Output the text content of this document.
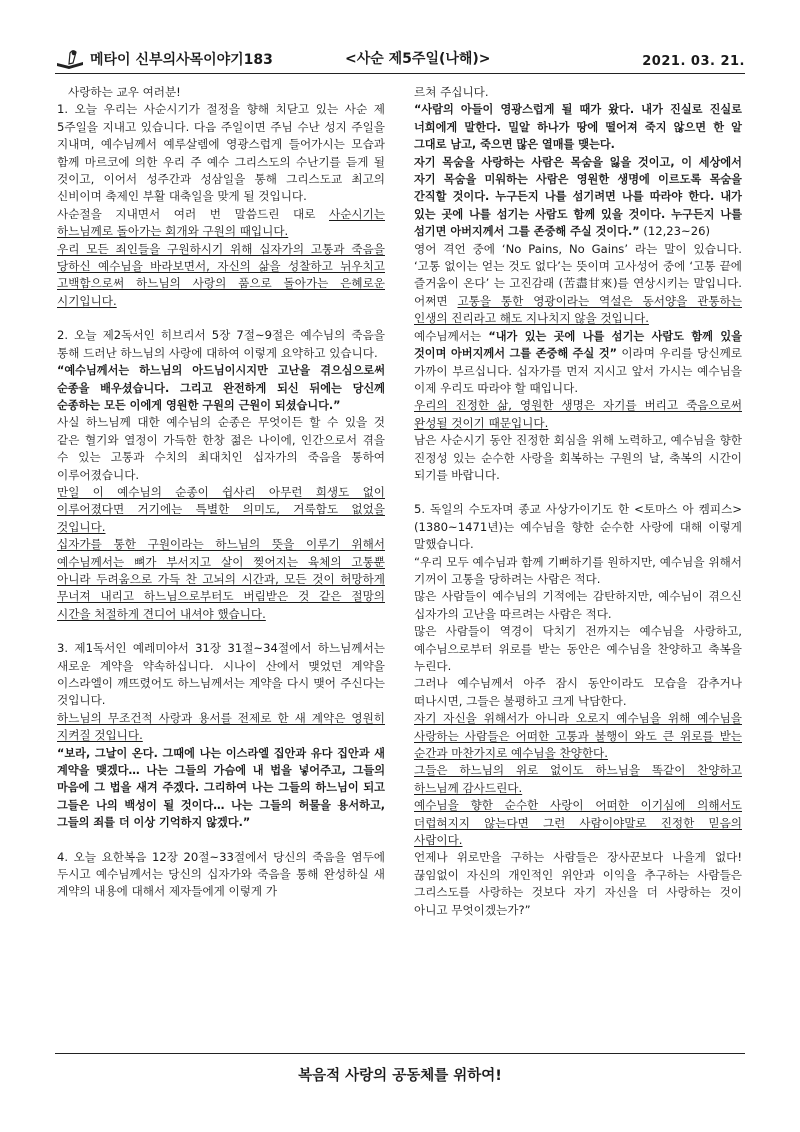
메타이 신부의사목이야기183	<사순 제5주일(나해)>	2021. 03. 21.

사랑하는 교우 여러분!

1. 오늘 우리는 사순시기가 절정을 향해 치닫고 있는 사순 제 5주일을 지내고 있습니다. 다음 주일이면 주님 수난 성지 주일을 지내며, 예수님께서 예루살렘에 영광스럽게 들어가시는 모습과 함께 마르코에 의한 우리 주 예수 그리스도의 수난기를 듣게 될 것이고, 이어서 성주간과 성삼일을 통해 그리스도교 최고의 신비이며 축제인 부활 대축일을 맞게 될 것입니다.

사순절을 지내면서 여러 번 말씀드린 대로 사순시기는 하느님께로 돌아가는 회개와 구원의 때입니다.

우리 모든 죄인들을 구원하시기 위해 십자가의 고통과 죽음을 당하신 예수님을 바라보면서, 자신의 삶을 성찰하고 뉘우치고 고백함으로써 하느님의 사랑의 품으로 돌아가는 은혜로운 시기입니다.

2. 오늘 제2독서인 히브리서 5장 7절~9절은 예수님의 죽음을 통해 드러난 하느님의 사랑에 대하여 이렇게 요약하고 있습니다.

“예수님께서는 하느님의 아드님이시지만 고난을 겪으심으로써 순종을 배우셨습니다. 그리고 완전하게 되신 뒤에는 당신께 순종하는 모든 이에게 영원한 구원의 근원이 되셨습니다.”

사실 하느님께 대한 예수님의 순종은 무엇이든 할 수 있을 것 같은 혈기와 열정이 가득한 한창 젊은 나이에, 인간으로서 겪을 수 있는 고통과 수치의 최대치인 십자가의 죽음을 통하여 이루어졌습니다.

만일 이 예수님의 순종이 쉽사리 아무런 희생도 없이 이루어졌다면 거기에는 특별한 의미도, 거룩함도 없었을 것입니다.

십자가를 통한 구원이라는 하느님의 뜻을 이루기 위해서 예수님께서는 뼈가 부서지고 살이 찢어지는 육체의 고통뿐 아니라 두려움으로 가득 찬 고뇌의 시간과, 모든 것이 허망하게 무너져 내리고 하느님으로부터도 버림받은 것 같은 절망의 시간을 처절하게 견디어 내셔야 했습니다.

3. 제1독서인 예레미야서 31장 31절~34절에서 하느님께서는 새로운 계약을 약속하십니다. 시나이 산에서 맺었던 계약을 이스라엘이 깨뜨렸어도 하느님께서는 계약을 다시 맺어 주신다는 것입니다.

하느님의 무조건적 사랑과 용서를 전제로 한 새 계약은 영원히 지켜질 것입니다.

“보라, 그날이 온다. 그때에 나는 이스라엘 집안과 유다 집안과 새 계약을 맺겠다… 나는 그들의 가슴에 내 법을 넣어주고, 그들의 마음에 그 법을 새겨 주겠다. 그리하여 나는 그들의 하느님이 되고 그들은 나의 백성이 될 것이다… 나는 그들의 허물을 용서하고, 그들의 죄를 더 이상 기억하지 않겠다.”

4. 오늘 요한복음 12장 20절~33절에서 당신의 죽음을 염두에 두시고 예수님께서는 당신의 십자가와 죽음을 통해 완성하실 새 계약의 내용에 대해서 제자들에게 이렇게 가

르쳐 주십니다.

“사람의 아들이 영광스럽게 될 때가 왔다. 내가 진실로 진실로 너희에게 말한다. 밀알 하나가 땅에 떨어져 죽지 않으면 한 알 그대로 남고, 죽으면 많은 열매를 맺는다.

자기 목숨을 사랑하는 사람은 목숨을 잃을 것이고, 이 세상에서 자기 목숨을 미워하는 사람은 영원한 생명에 이르도록 목숨을 간직할 것이다. 누구든지 나를 섬기려면 나를 따라야 한다. 내가 있는 곳에 나를 섬기는 사람도 함께 있을 것이다. 누구든지 나를 섬기면 아버지께서 그를 존중해 주실 것이다.” (12,23~26)

영어 격언 중에 ‘No Pains, No Gains’ 라는 말이 있습니다. ‘고통 없이는 얻는 것도 없다’는 뜻이며 고사성어 중에 ‘고통 끝에 즐거움이 온다’ 는 고진감래 (苦盡甘來)를 연상시키는 말입니다. 어쩌면 고통을 통한 영광이라는 역설은 동서양을 관통하는 인생의 진리라고 해도 지나치지 않을 것입니다.

예수님께서는 “내가 있는 곳에 나를 섬기는 사람도 함께 있을 것이며 아버지께서 그를 존중해 주실 것” 이라며 우리를 당신께로 가까이 부르십니다. 십자가를 먼저 지시고 앞서 가시는 예수님을 이제 우리도 따라야 할 때입니다.

우리의 진정한 삶, 영원한 생명은 자기를 버리고 죽음으로써 완성될 것이기 때문입니다.

남은 사순시기 동안 진정한 회심을 위해 노력하고, 예수님을 향한 진정성 있는 순수한 사랑을 회복하는 구원의 날, 축복의 시간이 되기를 바랍니다.

5. 독일의 수도자며 종교 사상가이기도 한 <토마스 아 켐피스>(1380~1471년)는 예수님을 향한 순수한 사랑에 대해 이렇게 말했습니다.

“우리 모두 예수님과 함께 기뻐하기를 원하지만, 예수님을 위해서 기꺼이 고통을 당하려는 사람은 적다.

많은 사람들이 예수님의 기적에는 감탄하지만, 예수님이 겪으신 십자가의 고난을 따르려는 사람은 적다.

많은 사람들이 역경이 닥치기 전까지는 예수님을 사랑하고, 예수님으로부터 위로를 받는 동안은 예수님을 찬양하고 축복을 누린다.

그러나 예수님께서 아주 잠시 동안이라도 모습을 감추거나 떠나시면, 그들은 불평하고 크게 낙담한다.

자기 자신을 위해서가 아니라 오로지 예수님을 위해 예수님을 사랑하는 사람들은 어떠한 고통과 불행이 와도 큰 위로를 받는 순간과 마찬가지로 예수님을 찬양한다.

그들은 하느님의 위로 없이도 하느님을 똑같이 찬양하고 하느님께 감사드린다.

예수님을 향한 순수한 사랑이 어떠한 이기심에 의해서도 더럽혀지지 않는다면 그런 사람이야말로 진정한 믿음의 사람이다.

언제나 위로만을 구하는 사람들은 장사꾼보다 나을게 없다! 끊임없이 자신의 개인적인 위안과 이익을 추구하는 사람들은 그리스도를 사랑하는 것보다 자기 자신을 더 사랑하는 것이 아니고 무엇이겠는가?”

복음적 사랑의 공동체를 위하여!
